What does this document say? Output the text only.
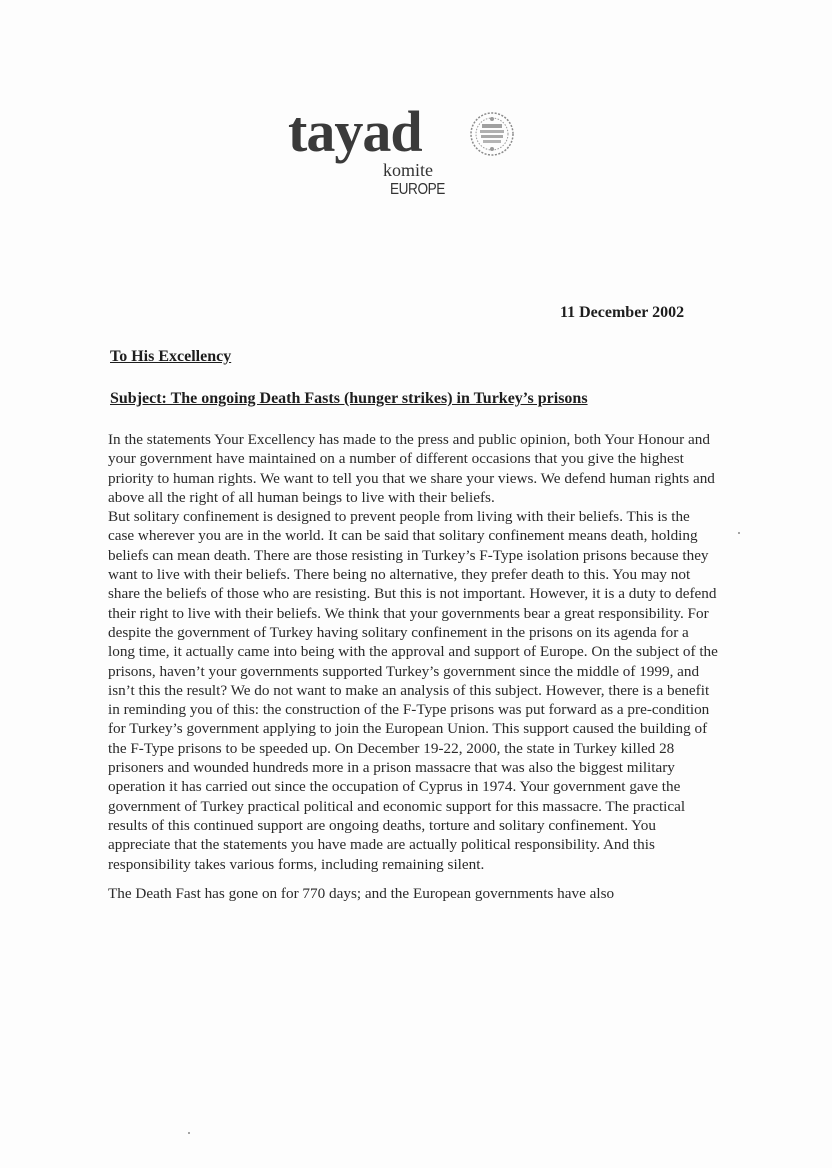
tayad
komite
EUROPE
11 December 2002
To His Excellency
Subject: The ongoing Death Fasts (hunger strikes) in Turkey’s prisons

In the statements Your Excellency has made to the press and public opinion, both Your Honour and your government have maintained on a number of different occasions that you give the highest priority to human rights. We want to tell you that we share your views. We defend human rights and above all the right of all human beings to live with their beliefs.

But solitary confinement is designed to prevent people from living with their beliefs. This is the case wherever you are in the world. It can be said that solitary confinement means death, holding beliefs can mean death. There are those resisting in Turkey’s F-Type isolation prisons because they want to live with their beliefs. There being no alternative, they prefer death to this. You may not share the beliefs of those who are resisting. But this is not important. However, it is a duty to defend their right to live with their beliefs. We think that your governments bear a great responsibility. For despite the government of Turkey having solitary confinement in the prisons on its agenda for a long time, it actually came into being with the approval and support of Europe. On the subject of the prisons, haven’t your governments supported Turkey’s government since the middle of 1999, and isn’t this the result? We do not want to make an analysis of this subject. However, there is a benefit in reminding you of this: the construction of the F-Type prisons was put forward as a pre-condition for Turkey’s government applying to join the European Union. This support caused the building of the F-Type prisons to be speeded up. On December 19-22, 2000, the state in Turkey killed 28 prisoners and wounded hundreds more in a prison massacre that was also the biggest military operation it has carried out since the occupation of Cyprus in 1974. Your government gave the government of Turkey practical political and economic support for this massacre. The practical results of this continued support are ongoing deaths, torture and solitary confinement. You appreciate that the statements you have made are actually political responsibility. And this responsibility takes various forms, including remaining silent.

The Death Fast has gone on for 770 days; and the European governments have also
